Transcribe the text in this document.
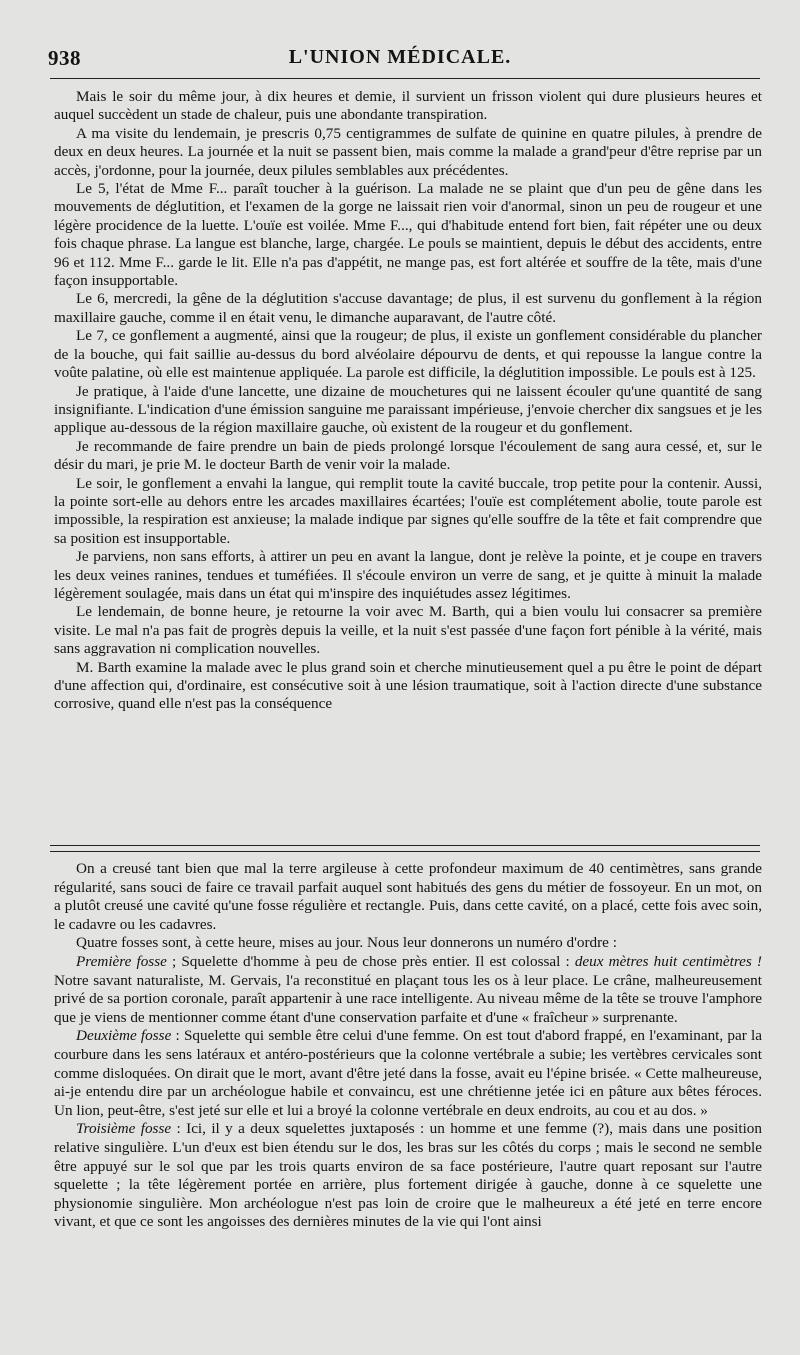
938	L'UNION MÉDICALE.

Mais le soir du même jour, à dix heures et demie, il survient un frisson violent qui dure plusieurs heures et auquel succèdent un stade de chaleur, puis une abondante transpiration.

A ma visite du lendemain, je prescris 0,75 centigrammes de sulfate de quinine en quatre pilules, à prendre de deux en deux heures. La journée et la nuit se passent bien, mais comme la malade a grand'peur d'être reprise par un accès, j'ordonne, pour la journée, deux pilules semblables aux précédentes.

Le 5, l'état de Mme F... paraît toucher à la guérison. La malade ne se plaint que d'un peu de gêne dans les mouvements de déglutition, et l'examen de la gorge ne laissait rien voir d'anormal, sinon un peu de rougeur et une légère procidence de la luette. L'ouïe est voilée. Mme F..., qui d'habitude entend fort bien, fait répéter une ou deux fois chaque phrase. La langue est blanche, large, chargée. Le pouls se maintient, depuis le début des accidents, entre 96 et 112. Mme F... garde le lit. Elle n'a pas d'appétit, ne mange pas, est fort altérée et souffre de la tête, mais d'une façon insupportable.

Le 6, mercredi, la gêne de la déglutition s'accuse davantage; de plus, il est survenu du gonflement à la région maxillaire gauche, comme il en était venu, le dimanche auparavant, de l'autre côté.

Le 7, ce gonflement a augmenté, ainsi que la rougeur; de plus, il existe un gonflement considérable du plancher de la bouche, qui fait saillie au-dessus du bord alvéolaire dépourvu de dents, et qui repousse la langue contre la voûte palatine, où elle est maintenue appliquée. La parole est difficile, la déglutition impossible. Le pouls est à 125.

Je pratique, à l'aide d'une lancette, une dizaine de mouchetures qui ne laissent écouler qu'une quantité de sang insignifiante. L'indication d'une émission sanguine me paraissant impérieuse, j'envoie chercher dix sangsues et je les applique au-dessous de la région maxillaire gauche, où existent de la rougeur et du gonflement.

Je recommande de faire prendre un bain de pieds prolongé lorsque l'écoulement de sang aura cessé, et, sur le désir du mari, je prie M. le docteur Barth de venir voir la malade.

Le soir, le gonflement a envahi la langue, qui remplit toute la cavité buccale, trop petite pour la contenir. Aussi, la pointe sort-elle au dehors entre les arcades maxillaires écartées; l'ouïe est complétement abolie, toute parole est impossible, la respiration est anxieuse; la malade indique par signes qu'elle souffre de la tête et fait comprendre que sa position est insupportable.

Je parviens, non sans efforts, à attirer un peu en avant la langue, dont je relève la pointe, et je coupe en travers les deux veines ranines, tendues et tuméfiées. Il s'écoule environ un verre de sang, et je quitte à minuit la malade légèrement soulagée, mais dans un état qui m'inspire des inquiétudes assez légitimes.

Le lendemain, de bonne heure, je retourne la voir avec M. Barth, qui a bien voulu lui consacrer sa première visite. Le mal n'a pas fait de progrès depuis la veille, et la nuit s'est passée d'une façon fort pénible à la vérité, mais sans aggravation ni complication nouvelles.

M. Barth examine la malade avec le plus grand soin et cherche minutieusement quel a pu être le point de départ d'une affection qui, d'ordinaire, est consécutive soit à une lésion traumatique, soit à l'action directe d'une substance corrosive, quand elle n'est pas la conséquence

On a creusé tant bien que mal la terre argileuse à cette profondeur maximum de 40 centimètres, sans grande régularité, sans souci de faire ce travail parfait auquel sont habitués des gens du métier de fossoyeur. En un mot, on a plutôt creusé une cavité qu'une fosse régulière et rectangle. Puis, dans cette cavité, on a placé, cette fois avec soin, le cadavre ou les cadavres.

Quatre fosses sont, à cette heure, mises au jour. Nous leur donnerons un numéro d'ordre :

Première fosse ; Squelette d'homme à peu de chose près entier. Il est colossal : deux mètres huit centimètres ! Notre savant naturaliste, M. Gervais, l'a reconstitué en plaçant tous les os à leur place. Le crâne, malheureusement privé de sa portion coronale, paraît appartenir à une race intelligente. Au niveau même de la tête se trouve l'amphore que je viens de mentionner comme étant d'une conservation parfaite et d'une « fraîcheur » surprenante.

Deuxième fosse : Squelette qui semble être celui d'une femme. On est tout d'abord frappé, en l'examinant, par la courbure dans les sens latéraux et antéro-postérieurs que la colonne vertébrale a subie; les vertèbres cervicales sont comme disloquées. On dirait que le mort, avant d'être jeté dans la fosse, avait eu l'épine brisée. « Cette malheureuse, ai-je entendu dire par un archéologue habile et convaincu, est une chrétienne jetée ici en pâture aux bêtes féroces. Un lion, peut-être, s'est jeté sur elle et lui a broyé la colonne vertébrale en deux endroits, au cou et au dos. »

Troisième fosse : Ici, il y a deux squelettes juxtaposés : un homme et une femme (?), mais dans une position relative singulière. L'un d'eux est bien étendu sur le dos, les bras sur les côtés du corps ; mais le second ne semble être appuyé sur le sol que par les trois quarts environ de sa face postérieure, l'autre quart reposant sur l'autre squelette ; la tête légèrement portée en arrière, plus fortement dirigée à gauche, donne à ce squelette une physionomie singulière. Mon archéologue n'est pas loin de croire que le malheureux a été jeté en terre encore vivant, et que ce sont les angoisses des dernières minutes de la vie qui l'ont ainsi
